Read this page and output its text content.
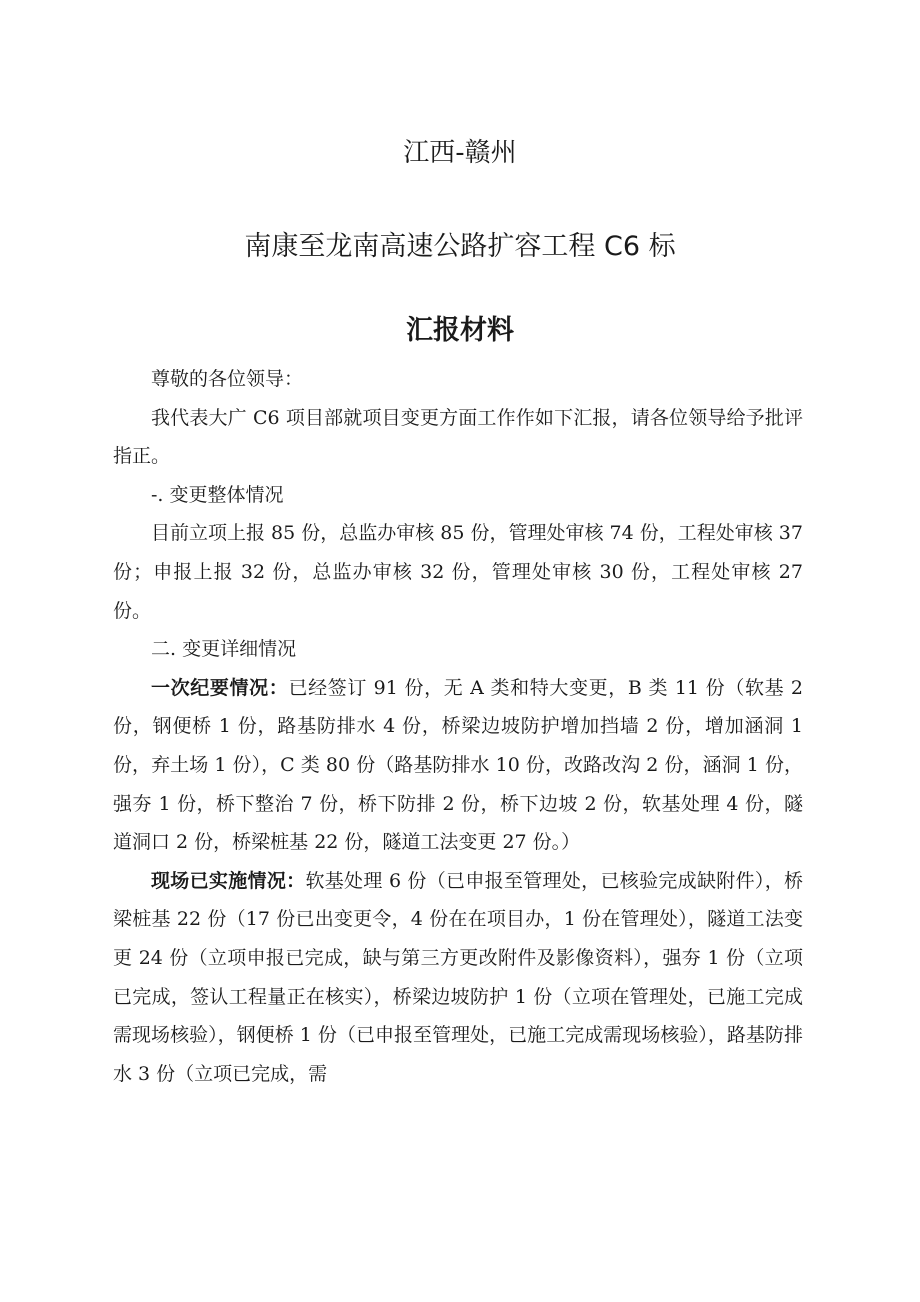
江西-赣州
南康至龙南高速公路扩容工程 C6 标
汇报材料

尊敬的各位领导：

我代表大广 C6 项目部就项目变更方面工作作如下汇报，请各位领导给予批评指正。

-. 变更整体情况

目前立项上报 85 份，总监办审核 85 份，管理处审核 74 份，工程处审核 37 份；申报上报 32 份，总监办审核 32 份，管理处审核 30 份，工程处审核 27 份。

二. 变更详细情况

一次纪要情况：已经签订 91 份，无 A 类和特大变更，B 类 11 份（软基 2 份，钢便桥 1 份，路基防排水 4 份，桥梁边坡防护增加挡墙 2 份，增加涵洞 1 份，弃土场 1 份），C 类 80 份（路基防排水 10 份，改路改沟 2 份，涵洞 1 份，强夯 1 份，桥下整治 7 份，桥下防排 2 份，桥下边坡 2 份，软基处理 4 份，隧道洞口 2 份，桥梁桩基 22 份，隧道工法变更 27 份。）

现场已实施情况：软基处理 6 份（已申报至管理处，已核验完成缺附件），桥梁桩基 22 份（17 份已出变更令，4 份在在项目办，1 份在管理处），隧道工法变更 24 份（立项申报已完成，缺与第三方更改附件及影像资料），强夯 1 份（立项已完成，签认工程量正在核实），桥梁边坡防护 1 份（立项在管理处，已施工完成需现场核验），钢便桥 1 份（已申报至管理处，已施工完成需现场核验），路基防排水 3 份（立项已完成，需
